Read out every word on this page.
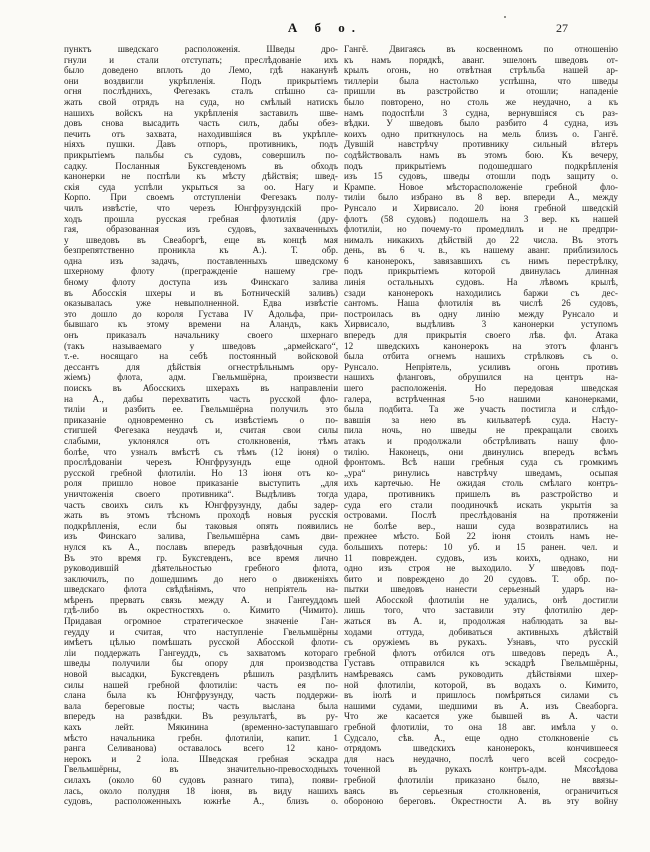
А б о.	27
пунктъ шведскаго расположенія. Шведы дро-
гнули и стали отступать; преслѣдованіе ихъ
было доведено вплоть до Лемо, гдѣ наканунѣ
они воздвигли укрѣпленія. Подъ прикрытіемъ
огня послѣднихъ, Фегезакъ сталъ спѣшно са-
жать свой отрядъ на суда, но смѣлый натискъ
нашихъ войскъ на укрѣпленія заставилъ шве-
довъ снова высадить часть силъ, дабы обез-
печить отъ захвата, находившіяся въ укрѣпле-
ніяхъ пушки. Давъ отпоръ, противникъ, подъ
прикрытіемъ пальбы съ судовъ, совершилъ по-
садку. Посланныя Буксгевденомъ въ обходъ
канонерки не поспѣли къ мѣсту дѣйствія; швед-
скія суда успѣли укрыться за оо. Нагу и
Корпо. При своемъ отступленіи Фегезакъ полу-
чилъ извѣстіе, что черезъ Юнгфрузундскій про-
ходъ прошла русская гребная флотилія (дру-
гая, образованная изъ судовъ, захваченныхъ
у шведовъ въ Свеаборгѣ, еще въ концѣ мая
безпрепятственно проникла къ А.). Т. обр.
одна изъ задачъ, поставленныхъ шведскому
шхерному флоту (прегражденіе нашему гре-
бному флоту доступа изъ Финскаго залива
въ Абосскія шхеры и въ Ботническій заливъ)
оказывалась уже невыполненной. Едва извѣстіе
это дошло до короля Густава IV Адольфа, при-
бывшаго къ этому времени на Аландъ, какъ
онъ приказалъ начальнику своего шхернаго
(такъ называемаго у шведовъ „армейскаго“,
т.-е. носящаго на себѣ постоянный войсковой
дессантъ для дѣйствія огнестрѣльнымъ ору-
жіемъ) флота, адм. Гвельмшёрна, произвести
поискъ въ Абосскихъ шхерахъ въ направленіи
на А., дабы перехватить часть русской фло-
тиліи и разбить ее. Гвельмшёрна получилъ это
приказаніе одновременно съ извѣстіемъ о по-
стигшей Фегезака неудачѣ и, считая свои силы
слабыми, уклонялся отъ столкновенія, тѣмъ
болѣе, что узналъ вмѣстѣ съ тѣмъ (12 іюня) о
прослѣдованіи черезъ Юнгфрузундъ еще одной
русской гребной флотиліи. Но 13 іюня отъ ко-
роля пришло новое приказаніе выступить „для
уничтоженія своего противника“. Выдѣливъ тогда
часть своихъ силъ къ Юнгфрузунду, дабы задер-
жать въ этомъ тѣсномъ проходѣ новыя русскія
подкрѣпленія, если бы таковыя опять появились
изъ Финскаго залива, Гвельмшёрна самъ дви-
нулся къ А., пославъ впередъ развѣдочныя суда.
Въ это время гр. Буксгевденъ, все время лично
руководившій дѣятельностью гребного флота,
заключилъ, по дошедшимъ до него о движеніяхъ
шведскаго флота свѣдѣніямъ, что непріятель на-
мѣренъ прервать связь между А. и Гангеуддомъ
гдѣ-либо въ окрестностяхъ о. Кимито (Чимито).
Придавая огромное стратегическое значеніе Ган-
геудду и считая, что наступленіе Гвельмшёрны
имѣетъ цѣлью помѣшать русской Абосской флоти-
ліи поддержать Гангеуддъ, съ захватомъ котораго
шведы получили бы опору для производства
новой высадки, Буксгевденъ рѣшилъ раздѣлить
силы нашей гребной флотиліи: часть ея по-
слана была къ Юнгфрузунду, часть поддержи-
вала береговые посты; часть выслана была
впередъ на развѣдки. Въ результатѣ, въ ру-
кахъ лейт. Мякинина (временно-заступавшаго
мѣсто начальника гребн. флотиліи, капит. 1
ранга Селиванова) оставалось всего 12 кано-
нерокъ и 2 іола. Шведская гребная эскадра
Гвельмшёрны, въ значительно-превосходныхъ
силахъ (около 60 судовъ разнаго типа), появи-
лась, около полудня 18 іюня, въ виду нашихъ
судовъ, расположенныхъ южнѣе А., близъ о.
Гангё. Двигаясь въ косвенномъ по отношенію
къ намъ порядкѣ, аванг. эшелонъ шведовъ от-
крылъ огонь, но отвѣтная стрѣльба нашей ар-
тиллеріи была настолько успѣшна, что шведы
пришли въ разстройство и отошли; нападеніе
было повторено, но столь же неудачно, а къ
намъ подоспѣли 3 судна, вернувшіяся съ раз-
вѣдки. У шведовъ было разбито 4 судна, изъ
коихъ одно приткнулось на мель близъ о. Гангё.
Дувшій навстрѣчу противнику сильный вѣтеръ
содѣйствовалъ намъ въ этомъ бою. Къ вечеру,
подъ прикрытіемъ подошедшаго подкрѣпленія
изъ 15 судовъ, шведы отошли подъ защиту о.
Крампе. Новое мѣсторасположеніе гребной фло-
тиліи было избрано въ 8 вер. впереди А., между
Рунсало и Хирвисало. 20 іюня гребной шведскій
флотъ (58 судовъ) подошелъ на 3 вер. къ нашей
флотиліи, но почему-то промедлилъ и не предпри-
нималъ никакихъ дѣйствій до 22 числа. Въ этотъ
день, въ 6 ч. в., къ нашему аванг. приблизилось
6 канонерокъ, завязавшихъ съ нимъ перестрѣлку,
подъ прикрытіемъ которой двинулась длинная
линія остальныхъ судовъ. На лѣвомъ крылѣ,
сзади канонерокъ находились баржи съ дес-
сантомъ. Наша флотилія въ числѣ 26 судовъ,
построилась въ одну линію между Рунсало и
Хирвисало, выдѣливъ 3 канонерки уступомъ
впередъ для прикрытія своего лѣв. фл. Атака
12 шведскихъ канонерокъ на этотъ флангъ
была отбита огнемъ нашихъ стрѣлковъ съ о.
Рунсало. Непріятель, усиливъ огонь противъ
нашихъ фланговъ, обрушился на центръ на-
шего расположенія. Но передовая шведская
галера, встрѣченная 5-ю нашими канонерками,
была подбита. Та же участь постигла и слѣдо-
вавшія за нею въ кильватерѣ суда. Насту-
пила ночь, но шведы не прекращали своихъ
атакъ и продолжали обстрѣливать нашу фло-
тилію. Наконецъ, они двинулись впередъ всѣмъ
фронтомъ. Всѣ наши гребныя суда съ громкимъ
„ура“ ринулись навстрѣчу шведамъ, осыпая
ихъ картечью. Не ожидая столь смѣлаго контръ-
удара, противникъ пришелъ въ разстройство и
суда его стали поодиночкѣ искать укрытія за
островами. Послѣ преслѣдованія на протяженіи
не болѣе вер., наши суда возвратились на
прежнее мѣсто. Бой 22 іюня стоилъ намъ не-
большихъ потерь: 10 уб. и 15 ранен. чел. и
11 поврежден. судовъ, изъ коихъ, однако, ни
одно изъ строя не выходило. У шведовъ под-
бито и повреждено до 20 судовъ. Т. обр. по-
пытки шведовъ нанести серьезный ударъ на-
шей Абосской флотиліи не удались, онѣ достигли
лишь того, что заставили эту флотилію дер-
жаться въ А. и, продолжая наблюдать за вы-
ходами оттуда, добиваться активныхъ дѣйствій
съ оружіемъ въ рукахъ. Узнавъ, что русскій
гребной флотъ отбился отъ шведовъ передъ А.,
Густавъ отправился къ эскадрѣ Гвельмшёрны,
намѣреваясь самъ руководить дѣйствіями шхер-
ной флотиліи, которой, въ водахъ о. Кимито,
въ іюлѣ и пришлось помѣряться силами съ
нашими судами, шедшими въ А. изъ Свеаборга.
Что же касается уже бывшей въ А. части
гребной флотиліи, то она 18 авг. имѣла у о.
Судсало, сѣв. А., еще одно столкновеніе съ
отрядомъ шведскихъ канонерокъ, кончившееся
для насъ неудачно, послѣ чего всей сосредо-
точенной въ рукахъ контръ-адм. Мясоѣдова
гребной флотиліи приказано было, не ввязы-
ваясь въ серьезныя столкновенія, ограничиться
обороною береговъ. Окрестности А. въ эту войну
